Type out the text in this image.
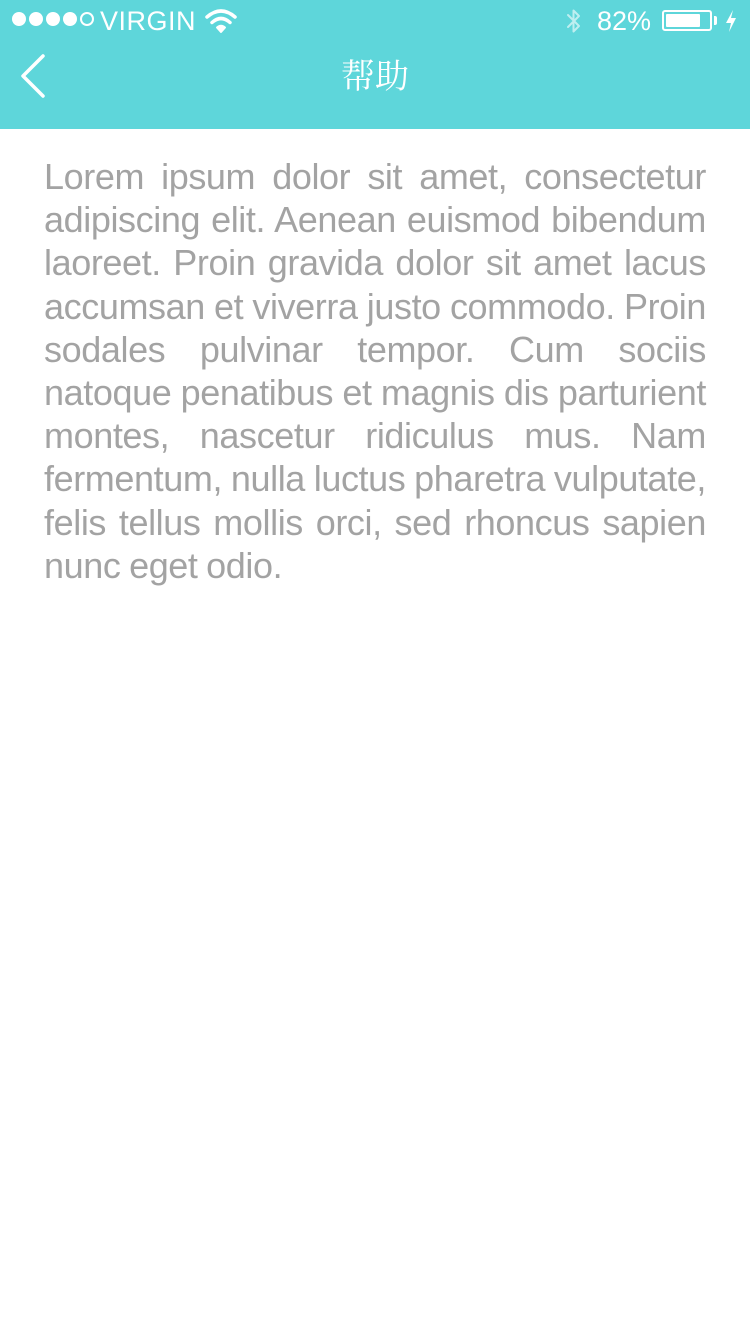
VIRGIN	82%
帮助

Lorem ipsum dolor sit amet, consectetur adipiscing elit. Aenean euismod bibendum laoreet. Proin gravida dolor sit amet lacus accumsan et viverra justo commodo. Proin sodales pulvinar tempor. Cum sociis natoque penatibus et magnis dis parturient montes, nascetur ridiculus mus. Nam fermentum, nulla luctus pharetra vulputate, felis tellus mollis orci, sed rhoncus sapien nunc eget odio.
